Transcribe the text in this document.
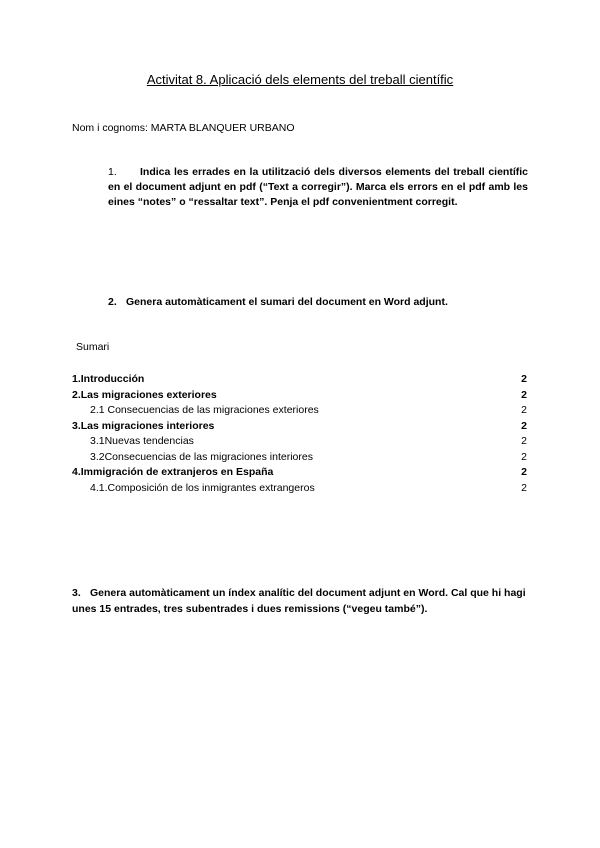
Activitat 8. Aplicació dels elements del treball científic
Nom i cognoms: MARTA BLANQUER URBANO
1. Indica les errades en la utilització dels diversos elements del treball científic en el document adjunt en pdf (“Text a corregir”). Marca els errors en el pdf amb les eines “notes” o “ressaltar text”. Penja el pdf convenientment corregit.
2. Genera automàticament el sumari del document en Word adjunt.
Sumari
1.Introducción	2
2.Las migraciones exteriores	2
2.1 Consecuencias de las migraciones exteriores	2
3.Las migraciones interiores	2
3.1Nuevas tendencias	2
3.2Consecuencias de las migraciones interiores	2
4.Immigración de extranjeros en España	2
4.1.Composición de los inmigrantes extrangeros	2
3. Genera automàticament un índex analític del document adjunt en Word. Cal que hi hagi unes 15 entrades, tres subentrades i dues remissions (“vegeu també”).
